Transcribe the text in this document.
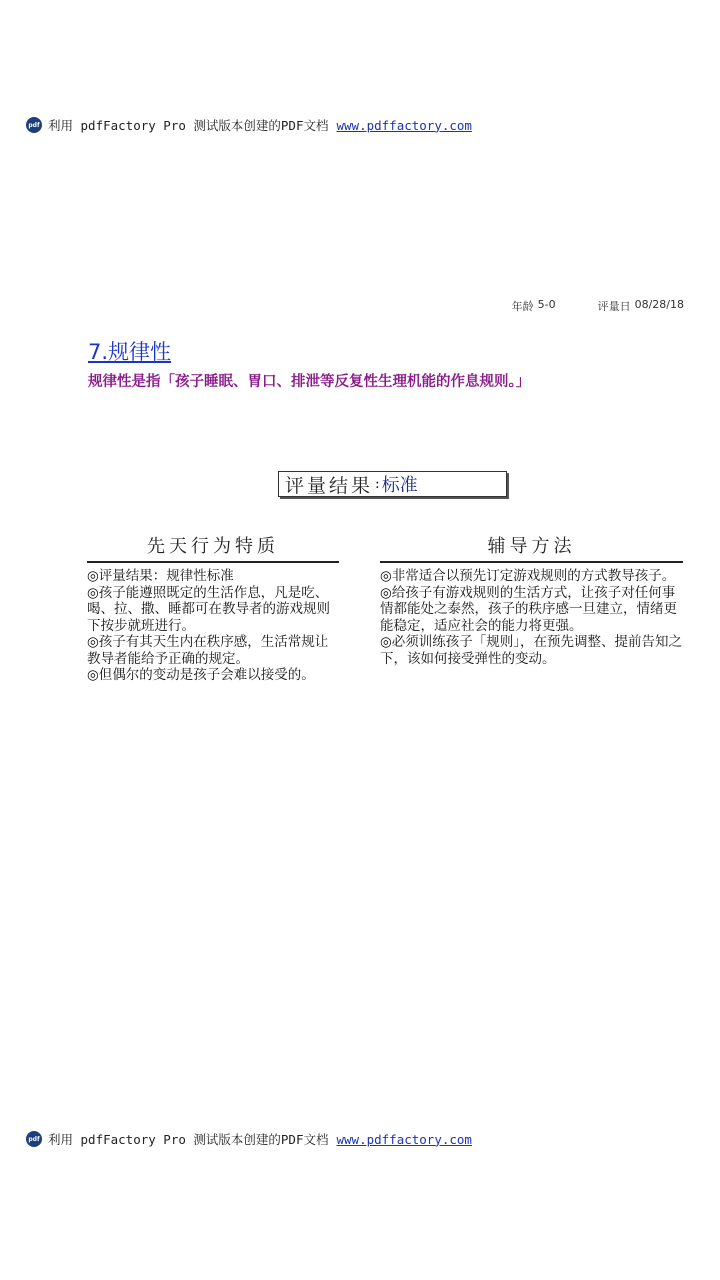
pdf 利用 pdfFactory Pro 测试版本创建的PDF文档 www.pdffactory.com
年龄 5-0	评量日 08/28/18
7.规律性
规律性是指「孩子睡眠、胃口、排泄等反复性生理机能的作息规则。」
评量结果 : 标准
先天行为特质

◎评量结果：规律性标准

◎孩子能遵照既定的生活作息，凡是吃、喝、拉、撒、睡都可在教导者的游戏规则下按步就班进行。

◎孩子有其天生内在秩序感，生活常规让教导者能给予正确的规定。

◎但偶尔的变动是孩子会难以接受的。

辅导方法

◎非常适合以预先订定游戏规则的方式教导孩子。

◎给孩子有游戏规则的生活方式，让孩子对任何事情都能处之泰然，孩子的秩序感一旦建立，情绪更能稳定，适应社会的能力将更强。

◎必须训练孩子「规则」，在预先调整、提前告知之下，该如何接受弹性的变动。

pdf 利用 pdfFactory Pro 测试版本创建的PDF文档 www.pdffactory.com
